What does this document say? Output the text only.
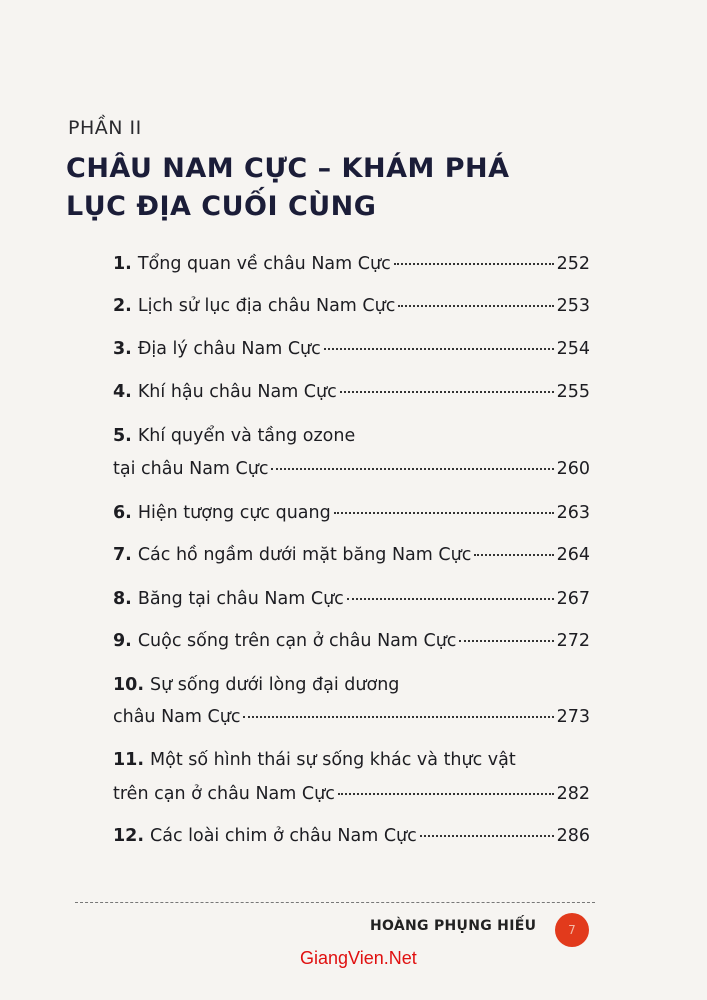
PHẦN II
CHÂU NAM CỰC – KHÁM PHÁ
LỤC ĐỊA CUỐI CÙNG
1. Tổng quan về châu Nam Cực	252
2. Lịch sử lục địa châu Nam Cực	253
3. Địa lý châu Nam Cực	254
4. Khí hậu châu Nam Cực	255
5. Khí quyển và tầng ozone
tại châu Nam Cực	260
6. Hiện tượng cực quang	263
7. Các hồ ngầm dưới mặt băng Nam Cực	264
8. Băng tại châu Nam Cực	267
9. Cuộc sống trên cạn ở châu Nam Cực	272
10. Sự sống dưới lòng đại dương
châu Nam Cực	273
11. Một số hình thái sự sống khác và thực vật
trên cạn ở châu Nam Cực	282
12. Các loài chim ở châu Nam Cực	286
HOÀNG PHỤNG HIẾU	7
GiangVien.Net
